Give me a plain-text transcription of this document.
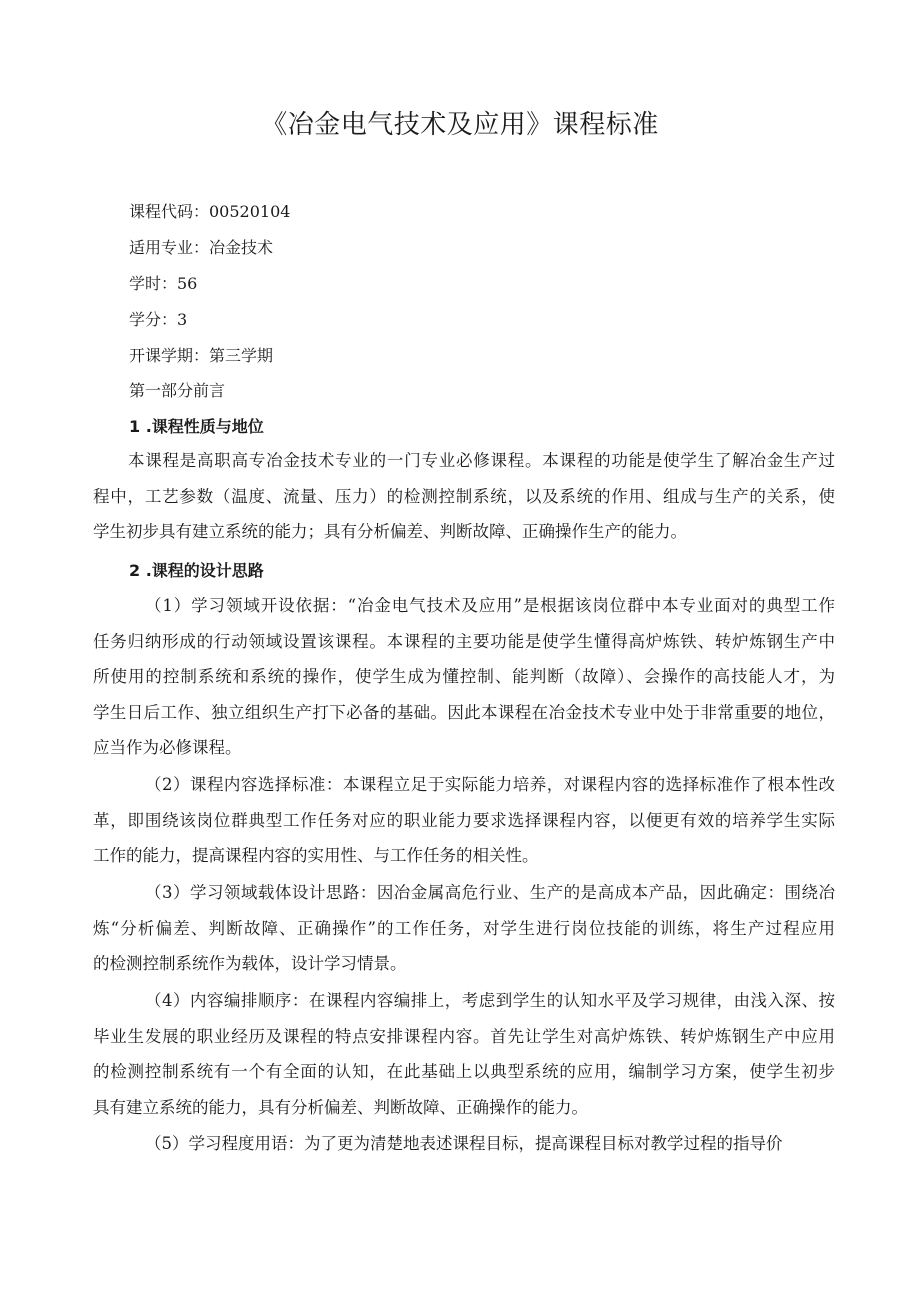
《冶金电气技术及应用》课程标准
课程代码：00520104
适用专业：冶金技术
学时：56
学分：3
开课学期：第三学期
第一部分前言
1 .课程性质与地位
本课程是高职高专冶金技术专业的一门专业必修课程。本课程的功能是使学生了解冶金生产过
程中，工艺参数（温度、流量、压力）的检测控制系统，以及系统的作用、组成与生产的关系，使
学生初步具有建立系统的能力；具有分析偏差、判断故障、正确操作生产的能力。
2 .课程的设计思路
（1）学习领域开设依据：“冶金电气技术及应用”是根据该岗位群中本专业面对的典型工作
任务归纳形成的行动领域设置该课程。本课程的主要功能是使学生懂得高炉炼铁、转炉炼钢生产中
所使用的控制系统和系统的操作，使学生成为懂控制、能判断（故障）、会操作的高技能人才，为
学生日后工作、独立组织生产打下必备的基础。因此本课程在冶金技术专业中处于非常重要的地位，
应当作为必修课程。
（2）课程内容选择标准：本课程立足于实际能力培养，对课程内容的选择标准作了根本性改
革，即围绕该岗位群典型工作任务对应的职业能力要求选择课程内容，以便更有效的培养学生实际
工作的能力，提高课程内容的实用性、与工作任务的相关性。
（3）学习领域载体设计思路：因冶金属高危行业、生产的是高成本产品，因此确定：围绕冶
炼“分析偏差、判断故障、正确操作”的工作任务，对学生进行岗位技能的训练，将生产过程应用
的检测控制系统作为载体，设计学习情景。
（4）内容编排顺序：在课程内容编排上，考虑到学生的认知水平及学习规律，由浅入深、按
毕业生发展的职业经历及课程的特点安排课程内容。首先让学生对高炉炼铁、转炉炼钢生产中应用
的检测控制系统有一个有全面的认知，在此基础上以典型系统的应用，编制学习方案，使学生初步
具有建立系统的能力，具有分析偏差、判断故障、正确操作的能力。
（5）学习程度用语：为了更为清楚地表述课程目标，提高课程目标对教学过程的指导价
